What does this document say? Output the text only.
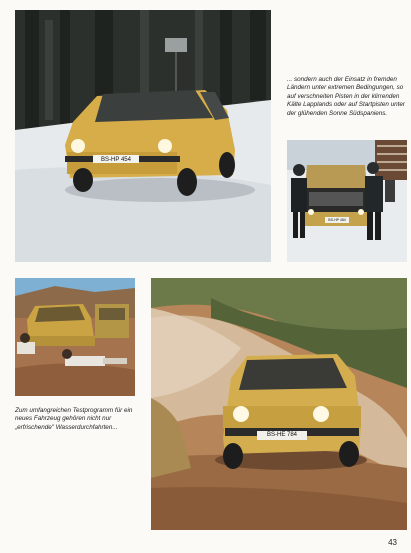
BS-HP 454
... sondern auch der Einsatz in fremden Ländern unter extremen Bedingungen, so auf verschneiten Pisten in der klirrenden Kälte Lapplands oder auf Startpisten unter der glühenden Sonne Südspaniens.
BS-HP 484
Zum umfangreichen Testprogramm für ein neues Fahrzeug gehören nicht nur „erfrischende" Wasserdurchfahrten...
BS-HE 784
43
